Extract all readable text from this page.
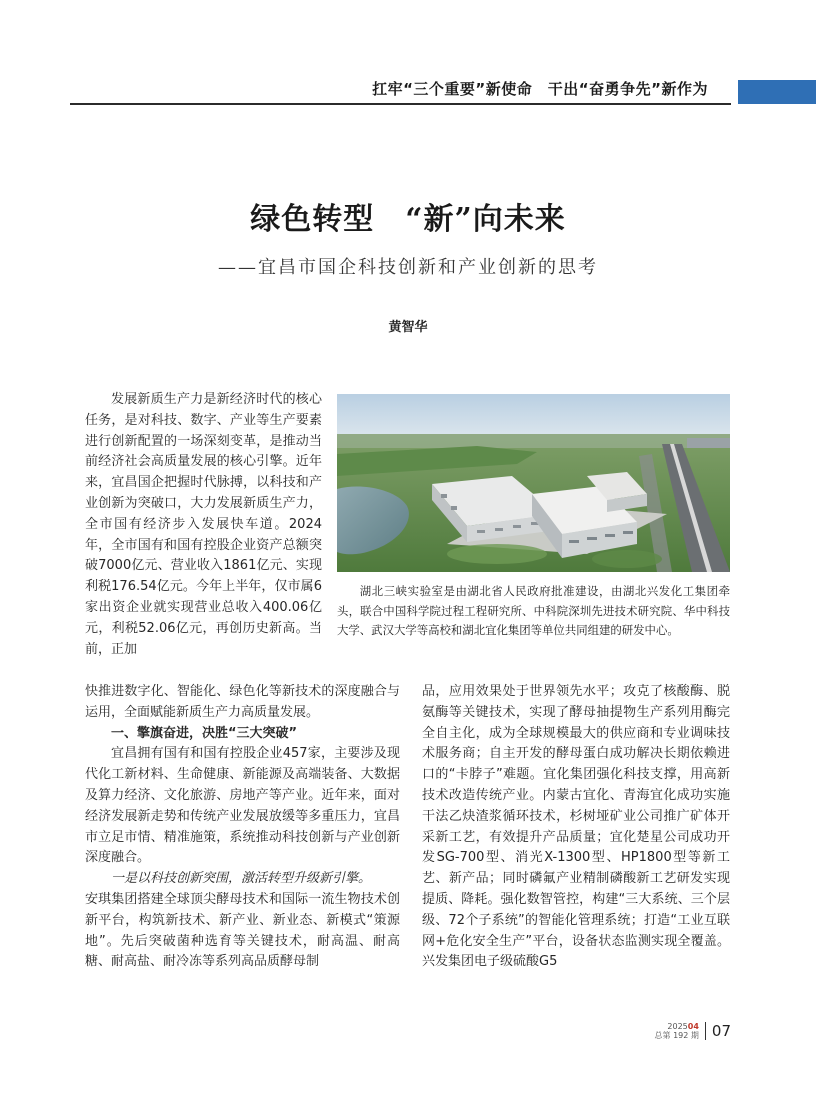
扛牢“三个重要”新使命　干出“奋勇争先”新作为
绿色转型　“新”向未来
——宜昌市国企科技创新和产业创新的思考
黄智华

发展新质生产力是新经济时代的核心任务，是对科技、数字、产业等生产要素进行创新配置的一场深刻变革，是推动当前经济社会高质量发展的核心引擎。近年来，宜昌国企把握时代脉搏，以科技和产业创新为突破口，大力发展新质生产力，全市国有经济步入发展快车道。2024年，全市国有和国有控股企业资产总额突破7000亿元、营业收入1861亿元、实现利税176.54亿元。今年上半年，仅市属6家出资企业就实现营业总收入400.06亿元，利税52.06亿元，再创历史新高。当前，正加

湖北三峡实验室是由湖北省人民政府批准建设，由湖北兴发化工集团牵头，联合中国科学院过程工程研究所、中科院深圳先进技术研究院、华中科技大学、武汉大学等高校和湖北宜化集团等单位共同组建的研发中心。

快推进数字化、智能化、绿色化等新技术的深度融合与运用，全面赋能新质生产力高质量发展。

一、擎旗奋进，决胜“三大突破”

宜昌拥有国有和国有控股企业457家，主要涉及现代化工新材料、生命健康、新能源及高端装备、大数据及算力经济、文化旅游、房地产等产业。近年来，面对经济发展新走势和传统产业发展放缓等多重压力，宜昌市立足市情、精准施策，系统推动科技创新与产业创新深度融合。

一是以科技创新突围，激活转型升级新引擎。

安琪集团搭建全球顶尖酵母技术和国际一流生物技术创新平台，构筑新技术、新产业、新业态、新模式“策源地”。先后突破菌种选育等关键技术，耐高温、耐高糖、耐高盐、耐冷冻等系列高品质酵母制

品，应用效果处于世界领先水平；攻克了核酸酶、脱氨酶等关键技术，实现了酵母抽提物生产系列用酶完全自主化，成为全球规模最大的供应商和专业调味技术服务商；自主开发的酵母蛋白成功解决长期依赖进口的“卡脖子”难题。宜化集团强化科技支撑，用高新技术改造传统产业。内蒙古宜化、青海宜化成功实施干法乙炔渣浆循环技术，杉树垭矿业公司推广矿体开采新工艺，有效提升产品质量；宜化楚星公司成功开发SG-700型、消光X-1300型、HP1800型等新工艺、新产品；同时磷氟产业精制磷酸新工艺研发实现提质、降耗。强化数智管控，构建“三大系统、三个层级、72个子系统”的智能化管理系统；打造“工业互联网+危化安全生产”平台，设备状态监测实现全覆盖。兴发集团电子级硫酸G5

202504
总第 192 期 07
